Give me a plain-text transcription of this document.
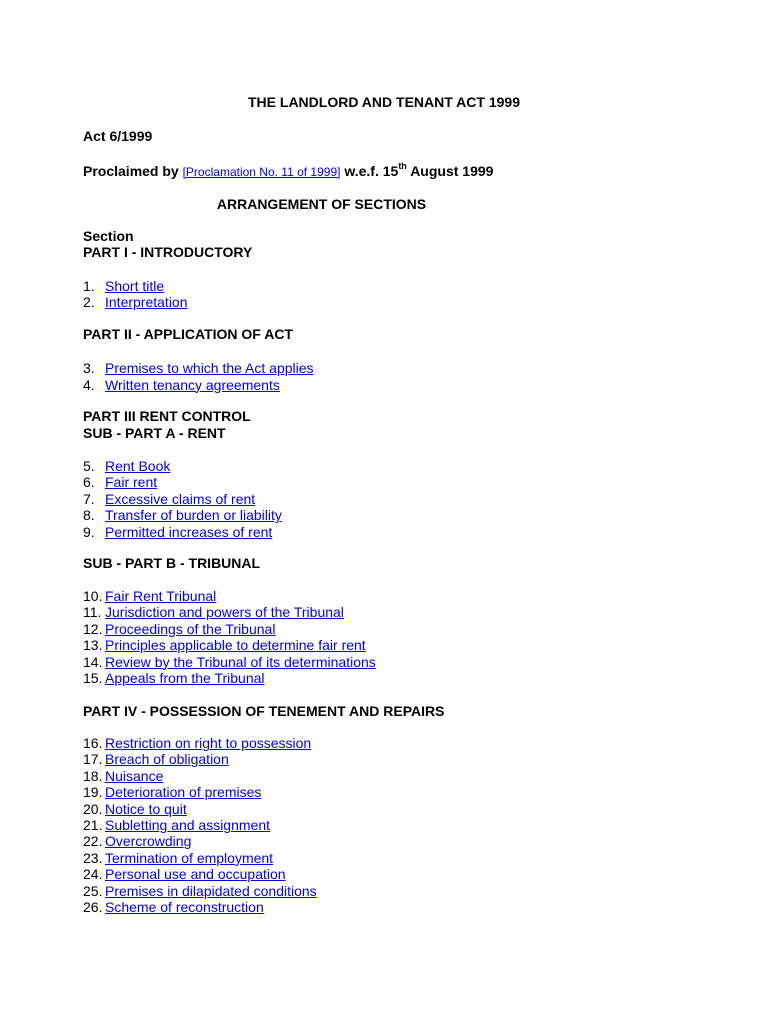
THE LANDLORD AND TENANT ACT 1999
Act 6/1999
Proclaimed by [Proclamation No. 11 of 1999] w.e.f. 15th August 1999
ARRANGEMENT OF SECTIONS
Section
PART I - INTRODUCTORY
1. Short title
2. Interpretation
PART II - APPLICATION OF ACT
3. Premises to which the Act applies
4. Written tenancy agreements
PART III RENT CONTROL
SUB - PART A - RENT
5. Rent Book
6. Fair rent
7. Excessive claims of rent
8. Transfer of burden or liability
9. Permitted increases of rent
SUB - PART B - TRIBUNAL
10. Fair Rent Tribunal
11. Jurisdiction and powers of the Tribunal
12. Proceedings of the Tribunal
13. Principles applicable to determine fair rent
14. Review by the Tribunal of its determinations
15. Appeals from the Tribunal
PART IV - POSSESSION OF TENEMENT AND REPAIRS
16. Restriction on right to possession
17. Breach of obligation
18. Nuisance
19. Deterioration of premises
20. Notice to quit
21. Subletting and assignment
22. Overcrowding
23. Termination of employment
24. Personal use and occupation
25. Premises in dilapidated conditions
26. Scheme of reconstruction
